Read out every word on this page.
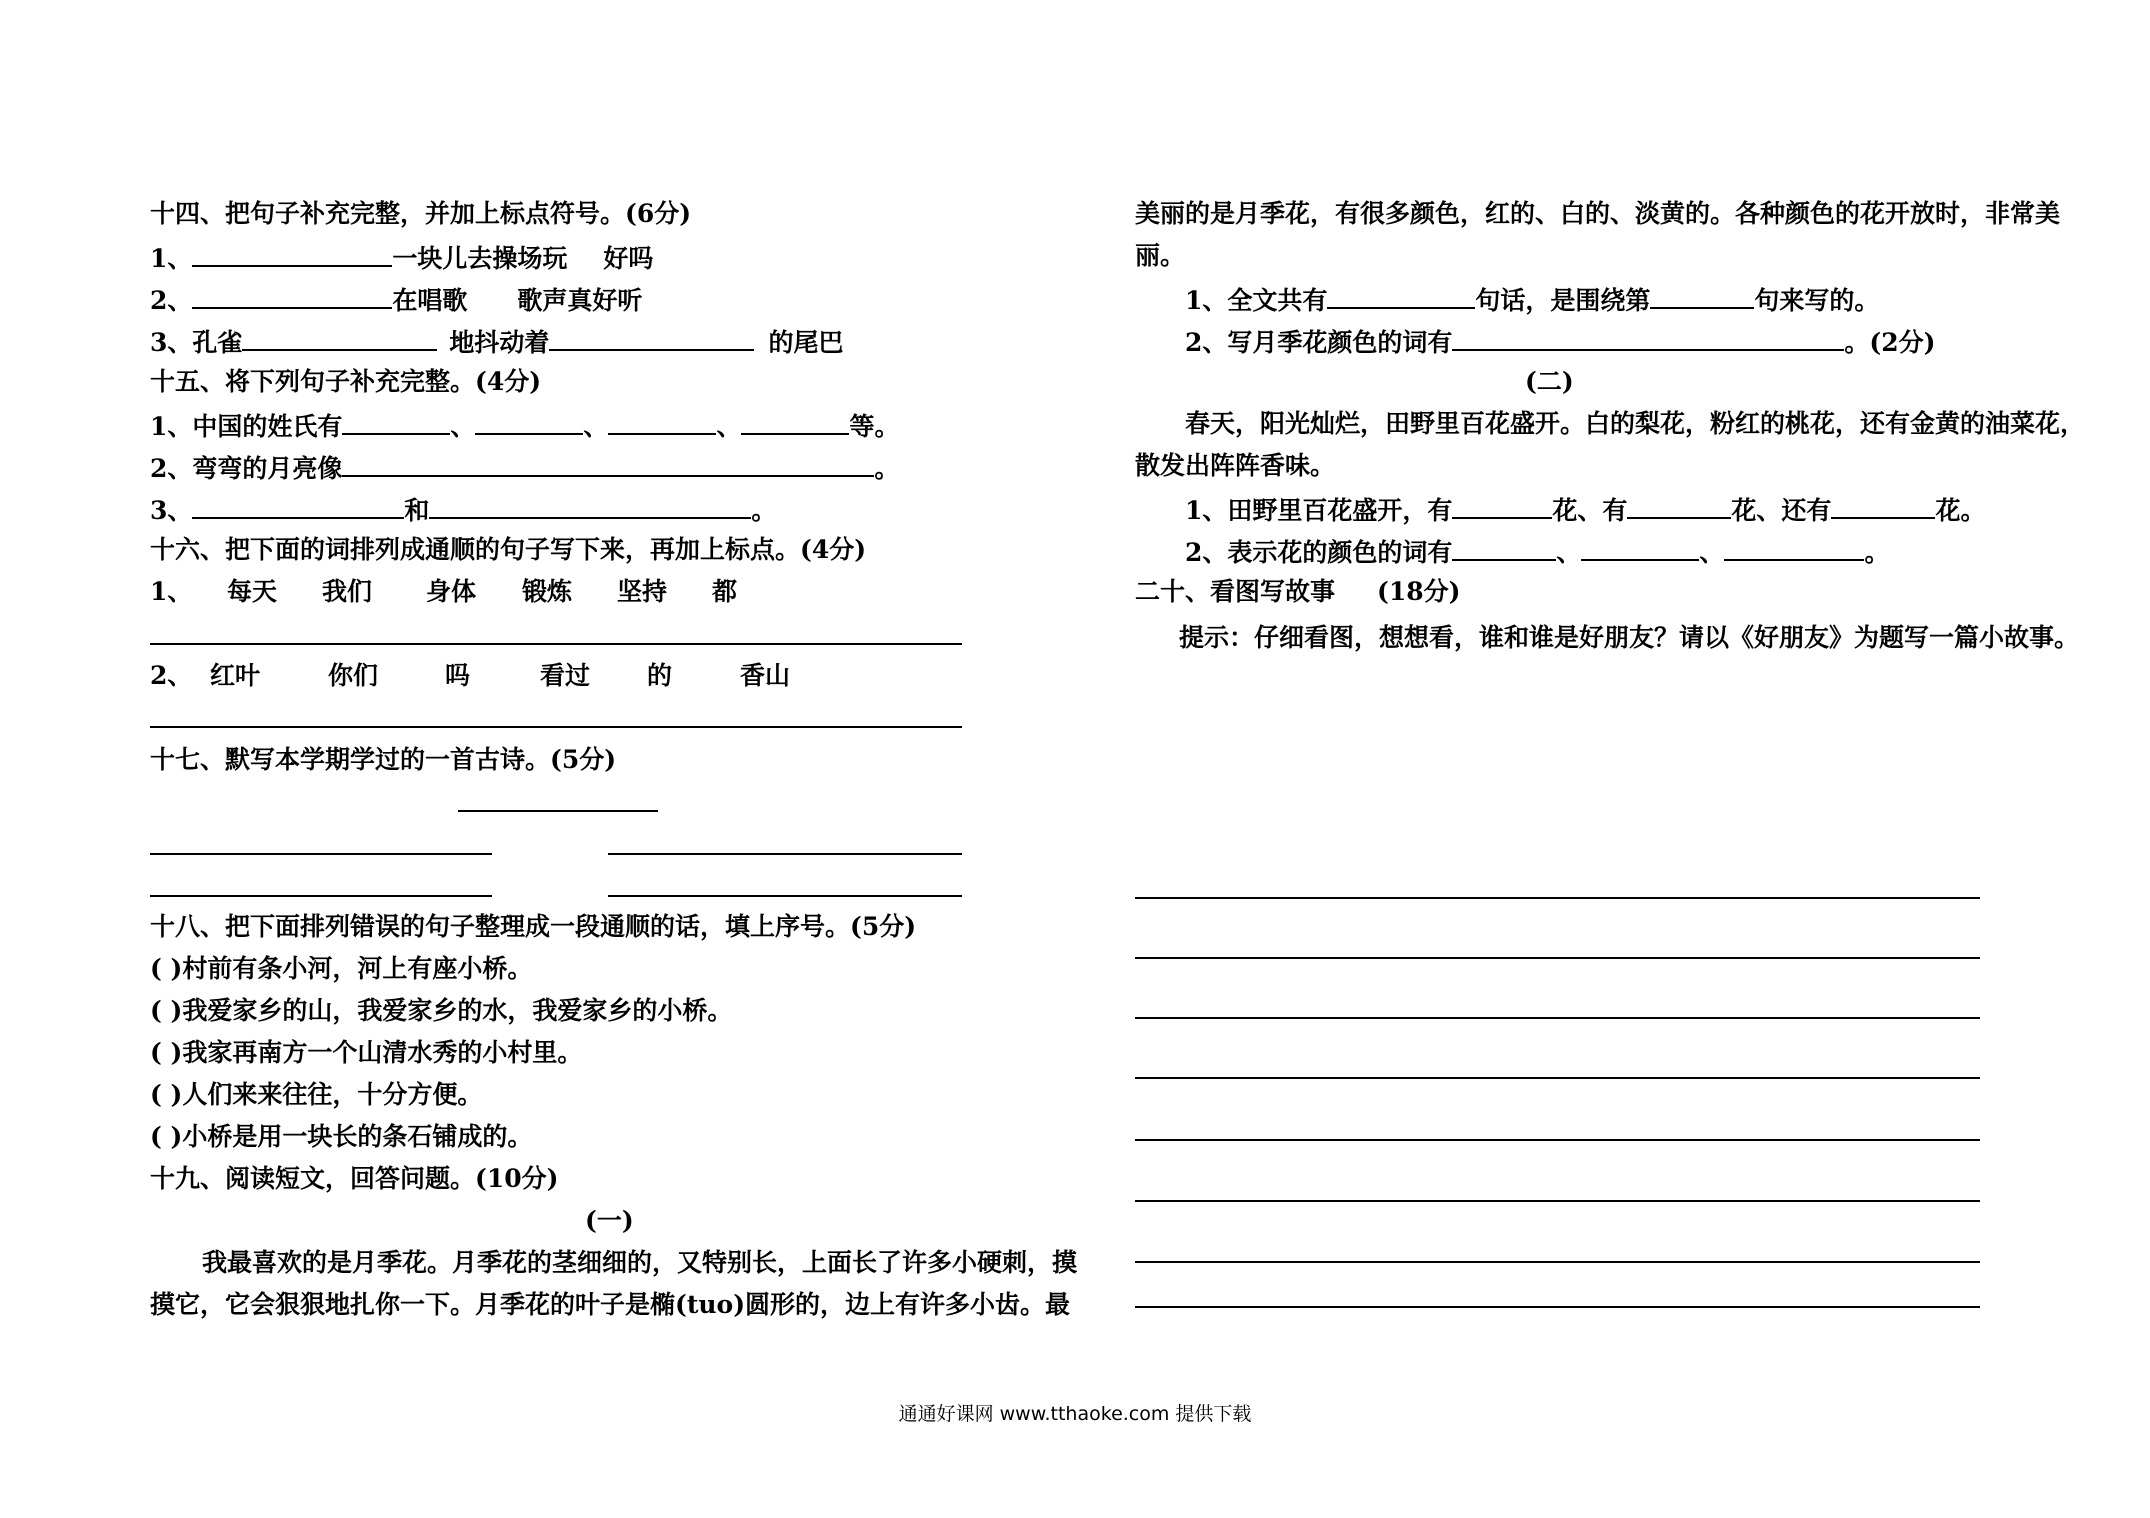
十四、把句子补充完整，并加上标点符号。(6分)
1、	一块儿去操场玩 好吗
2、	在唱歌 歌声真好听
3、孔雀	地抖动着	的尾巴
十五、将下列句子补充完整。(4分)
1、中国的姓氏有	、	、	、	等。
2、弯弯的月亮像	。
3、	和	。
十六、把下面的词排列成通顺的句子写下来，再加上标点。(4分)
1、 每天 我们 身体 锻炼 坚持 都
2、 红叶	你们	吗	看过 的	香山
十七、默写本学期学过的一首古诗。(5分)
十八、把下面排列错误的句子整理成一段通顺的话，填上序号。(5分)
( )村前有条小河，河上有座小桥。
( )我爱家乡的山，我爱家乡的水，我爱家乡的小桥。
( )我家再南方一个山清水秀的小村里。
( )人们来来往往，十分方便。
( )小桥是用一块长的条石铺成的。
十九、阅读短文，回答问题。(10分)
(一)
我最喜欢的是月季花。月季花的茎细细的，又特别长，上面长了许多小硬刺，摸
摸它，它会狠狠地扎你一下。月季花的叶子是椭(tuo)圆形的，边上有许多小齿。最
美丽的是月季花，有很多颜色，红的、白的、淡黄的。各种颜色的花开放时，非常美
丽。
1、全文共有	句话，是围绕第	句来写的。
2、写月季花颜色的词有	。(2分)
(二)
春天，阳光灿烂，田野里百花盛开。白的梨花，粉红的桃花，还有金黄的油菜花，
散发出阵阵香味。
1、田野里百花盛开，有	花、有	花、还有	花。
2、表示花的颜色的词有	、	、	。
二十、看图写故事 (18分)
提示：仔细看图，想想看，谁和谁是好朋友？请以《好朋友》为题写一篇小故事。
通通好课网 www.tthaoke.com 提供下载
